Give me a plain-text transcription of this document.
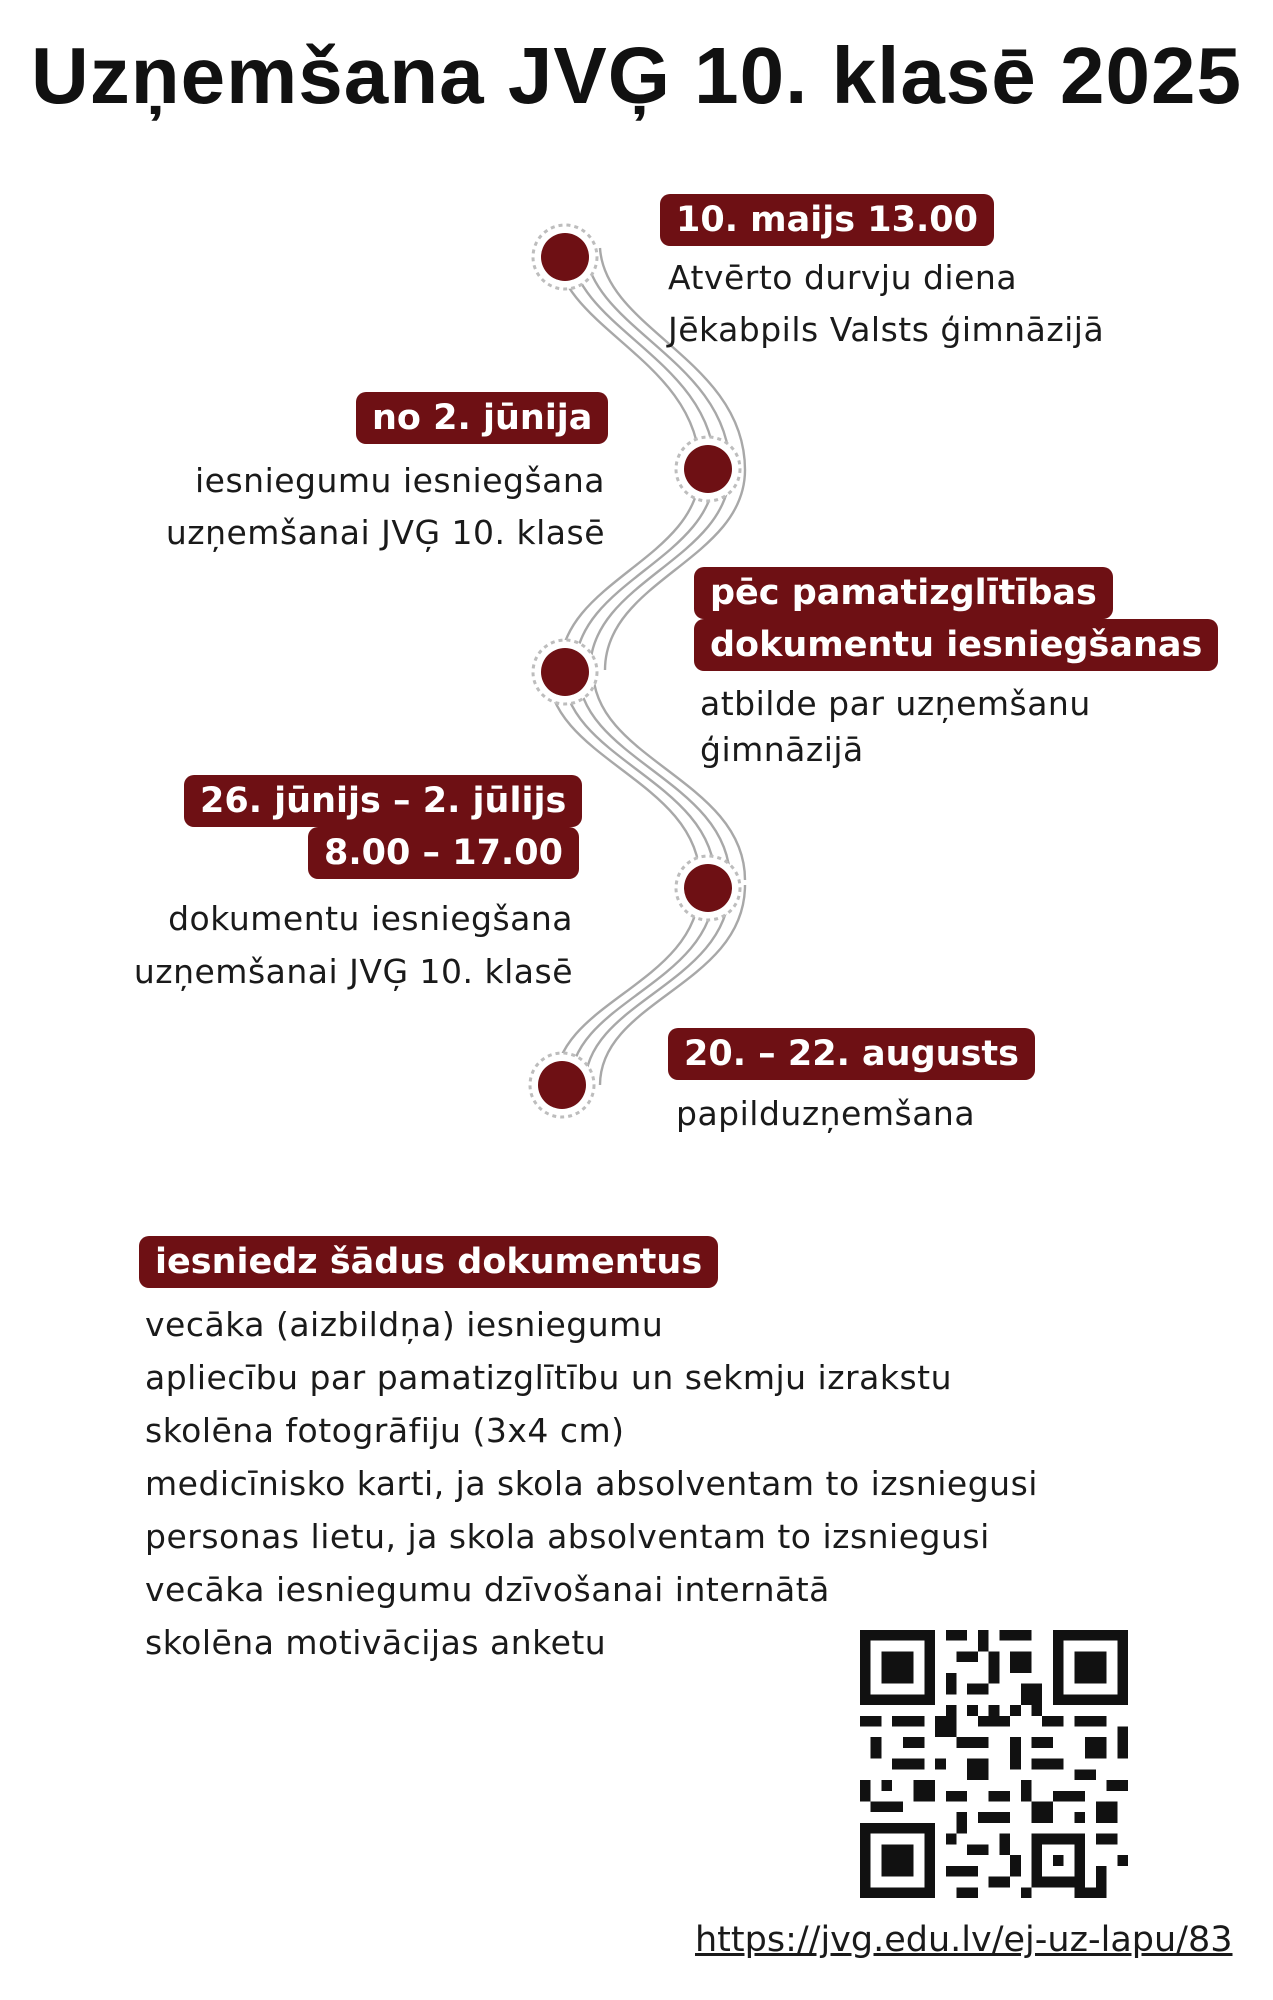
Uzņemšana JVĢ 10. klasē 2025
10. maijs 13.00
Atvērto durvju diena
Jēkabpils Valsts ģimnāzijā
no 2. jūnija
iesniegumu iesniegšana
uzņemšanai JVĢ 10. klasē
pēc pamatizglītības
dokumentu iesniegšanas
atbilde par uzņemšanu
ģimnāzijā
26. jūnijs – 2. jūlijs
8.00 – 17.00
dokumentu iesniegšana
uzņemšanai JVĢ 10. klasē
20. – 22. augusts
papilduzņemšana
iesniedz šādus dokumentus
vecāka (aizbildņa) iesniegumu
apliecību par pamatizglītību un sekmju izrakstu
skolēna fotogrāfiju (3x4 cm)
medicīnisko karti, ja skola absolventam to izsniegusi
personas lietu, ja skola absolventam to izsniegusi
vecāka iesniegumu dzīvošanai internātā
skolēna motivācijas anketu
https://jvg.edu.lv/ej-uz-lapu/83
